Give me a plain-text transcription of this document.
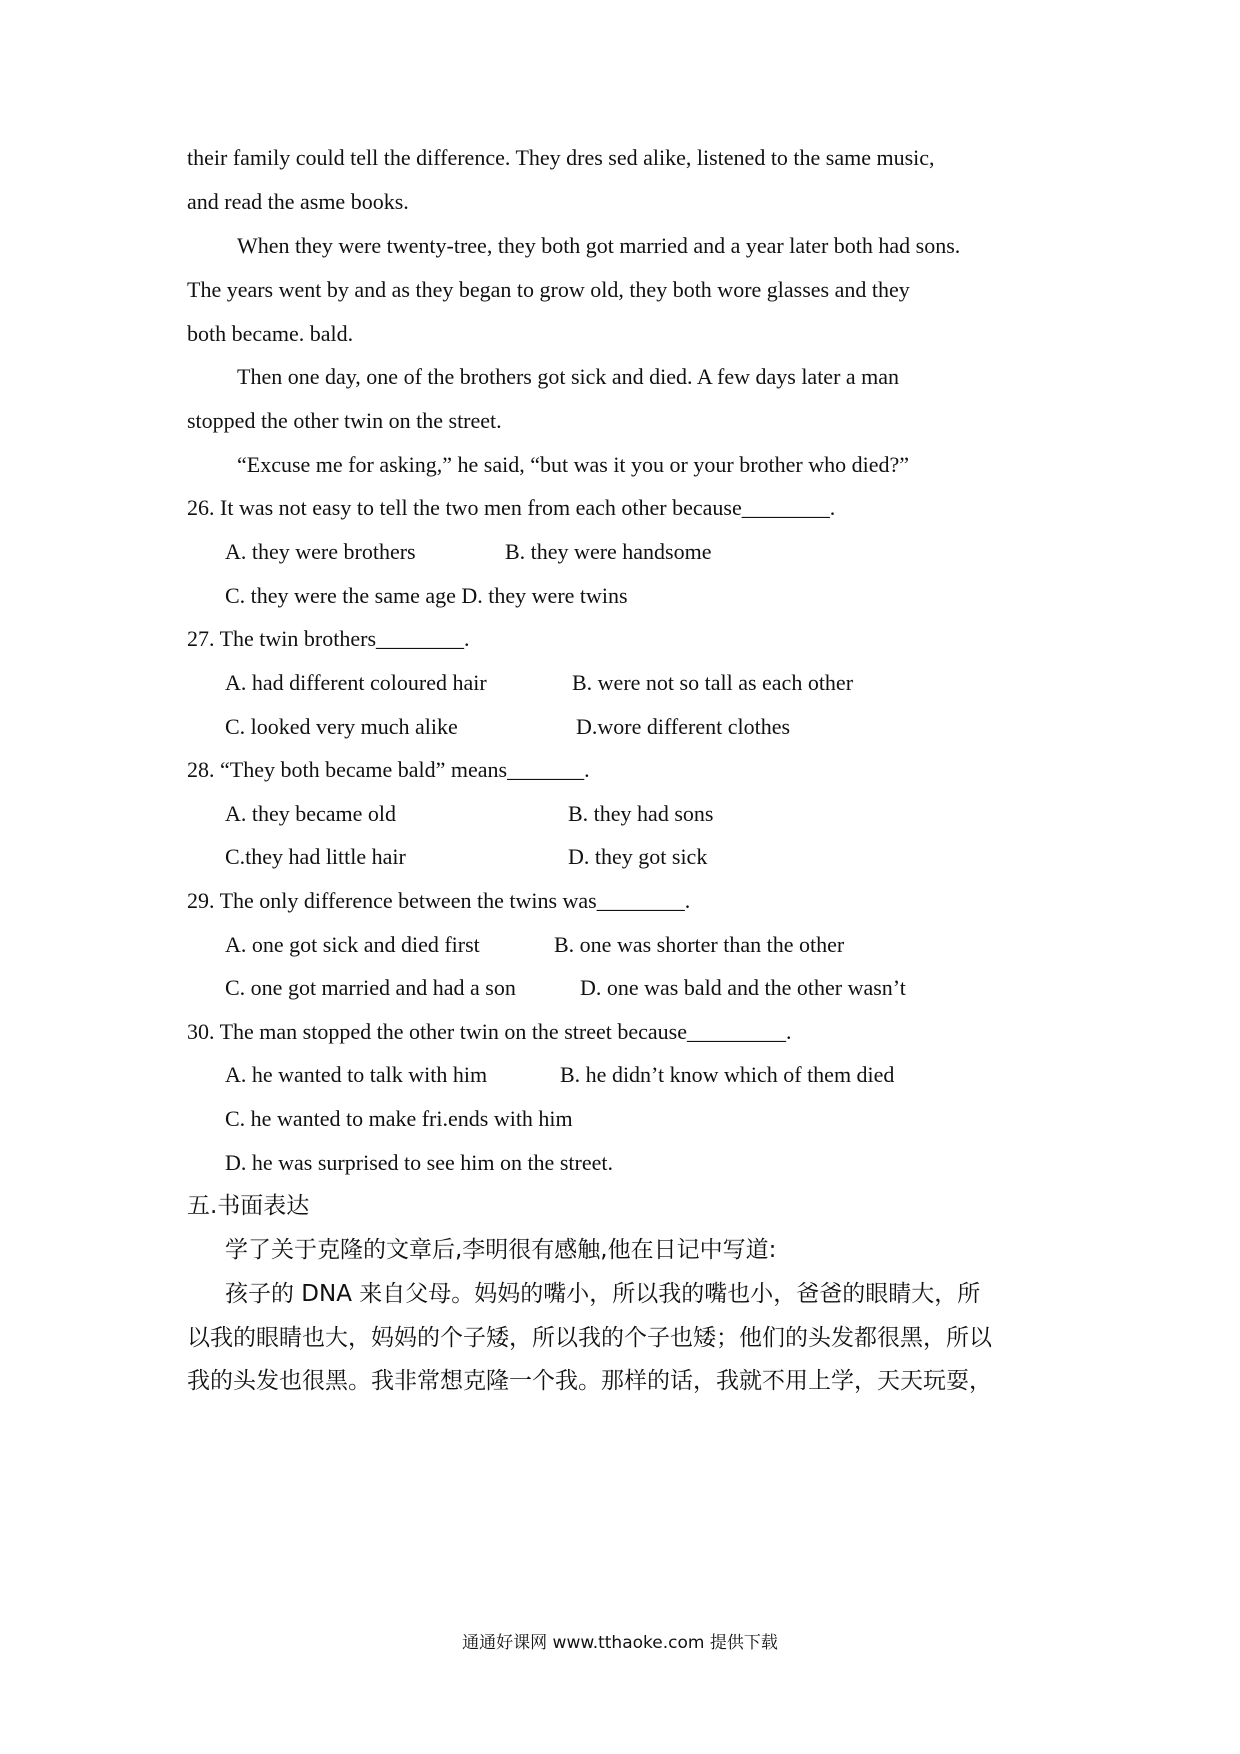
their family could tell the difference. They dres sed alike, listened to the same music,
and read the asme books.
When they were twenty-tree, they both got married and a year later both had sons.
The years went by and as they began to grow old, they both wore glasses and they
both became. bald.
Then one day, one of the brothers got sick and died. A few days later a man
stopped the other twin on the street.
“Excuse me for asking,” he said, “but was it you or your brother who died?”
26. It was not easy to tell the two men from each other because________.
A. they were brothers	B. they were handsome
C. they were the same age D. they were twins
27. The twin brothers________.
A. had different coloured hair	B. were not so tall as each other
C. looked very much alike	D.wore different clothes
28. “They both became bald” means_______.
A. they became old	B. they had sons
C.they had little hair	D. they got sick
29. The only difference between the twins was________.
A. one got sick and died first	B. one was shorter than the other
C. one got married and had a son	D. one was bald and the other wasn’t
30. The man stopped the other twin on the street because_________.
A. he wanted to talk with him	B. he didn’t know which of them died
C. he wanted to make fri.ends with him
D. he was surprised to see him on the street.
五.书面表达
学了关于克隆的文章后,李明很有感触,他在日记中写道:
孩子的 DNA 来自父母。妈妈的嘴小，所以我的嘴也小，爸爸的眼睛大，所
以我的眼睛也大，妈妈的个子矮，所以我的个子也矮；他们的头发都很黑，所以
我的头发也很黑。我非常想克隆一个我。那样的话，我就不用上学，天天玩耍，
通通好课网 www.tthaoke.com 提供下载
